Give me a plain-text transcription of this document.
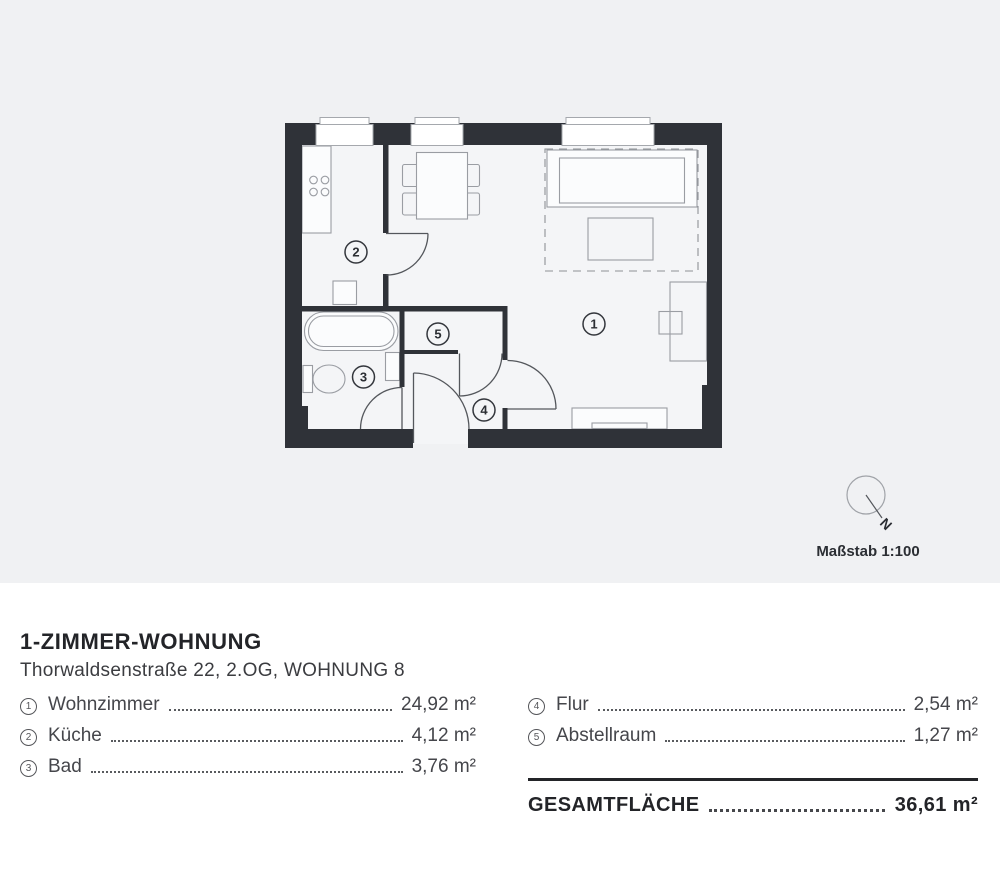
1
2
3
4
5
N
Maßstab 1:100
1-ZIMMER-WOHNUNG

Thorwaldsenstraße 22, 2.OG, WOHNUNG 8

1 Wohnzimmer	24,92 m²
2 Küche	4,12 m²
3 Bad	3,76 m²
4 Flur	2,54 m²
5 Abstellraum	1,27 m²
GESAMTFLÄCHE	36,61 m²
